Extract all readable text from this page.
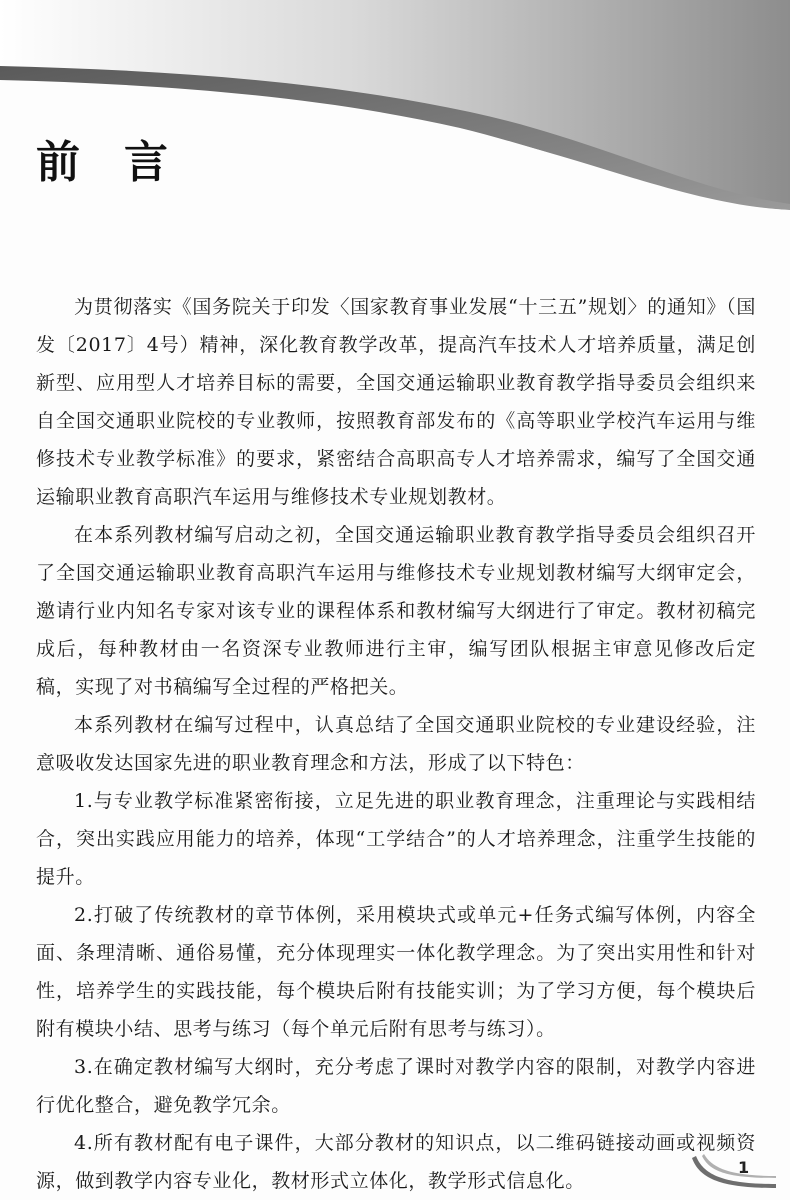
前言

为贯彻落实《国务院关于印发〈国家教育事业发展“十三五”规划〉的通知》（国发〔2017〕4号）精神，深化教育教学改革，提高汽车技术人才培养质量，满足创新型、应用型人才培养目标的需要，全国交通运输职业教育教学指导委员会组织来自全国交通职业院校的专业教师，按照教育部发布的《高等职业学校汽车运用与维修技术专业教学标准》的要求，紧密结合高职高专人才培养需求，编写了全国交通运输职业教育高职汽车运用与维修技术专业规划教材。

在本系列教材编写启动之初，全国交通运输职业教育教学指导委员会组织召开了全国交通运输职业教育高职汽车运用与维修技术专业规划教材编写大纲审定会，邀请行业内知名专家对该专业的课程体系和教材编写大纲进行了审定。教材初稿完成后，每种教材由一名资深专业教师进行主审，编写团队根据主审意见修改后定稿，实现了对书稿编写全过程的严格把关。

本系列教材在编写过程中，认真总结了全国交通职业院校的专业建设经验，注意吸收发达国家先进的职业教育理念和方法，形成了以下特色：

1.与专业教学标准紧密衔接，立足先进的职业教育理念，注重理论与实践相结合，突出实践应用能力的培养，体现“工学结合”的人才培养理念，注重学生技能的提升。

2.打破了传统教材的章节体例，采用模块式或单元+任务式编写体例，内容全面、条理清晰、通俗易懂，充分体现理实一体化教学理念。为了突出实用性和针对性，培养学生的实践技能，每个模块后附有技能实训；为了学习方便，每个模块后附有模块小结、思考与练习（每个单元后附有思考与练习）。

3.在确定教材编写大纲时，充分考虑了课时对教学内容的限制，对教学内容进行优化整合，避免教学冗余。

4.所有教材配有电子课件，大部分教材的知识点，以二维码链接动画或视频资源，做到教学内容专业化，教材形式立体化，教学形式信息化。

1
